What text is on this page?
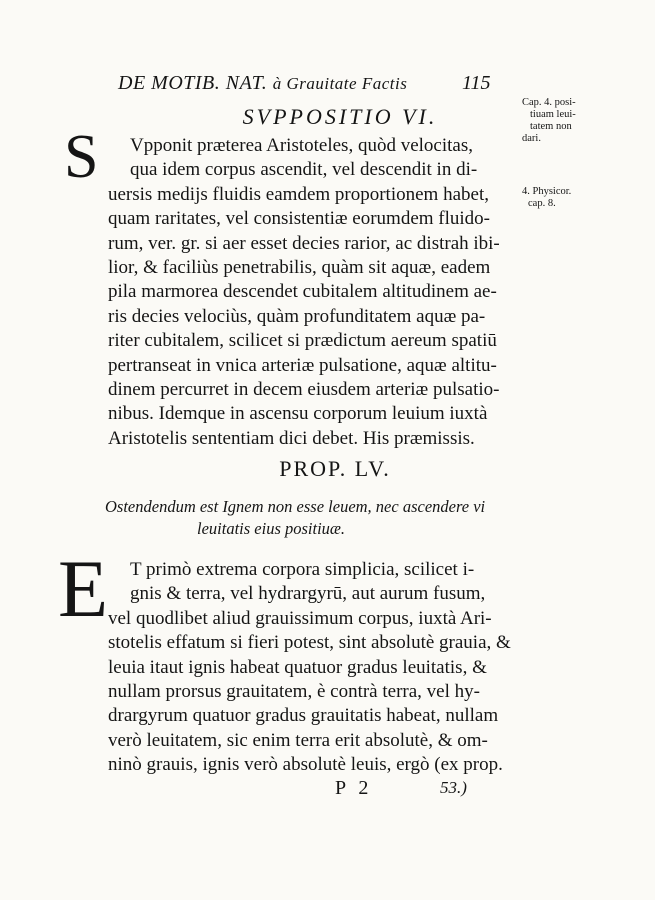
DE MOTIB. NAT. à Grauitate Factis	115
Cap. 4. posi-
tiuam leui-
tatem non
dari.
4. Physicor.
cap. 8.
SVPPOSITIO VI.
S	Vpponit præterea Aristoteles, quòd velocitas,
qua idem corpus ascendit, vel descendit in di-
uersis medijs fluidis eamdem proportionem habet,
quam raritates, vel consistentiæ eorumdem fluido-
rum, ver. gr. si aer esset decies rarior, ac distrah ibi-
lior, & faciliùs penetrabilis, quàm sit aquæ, eadem
pila marmorea descendet cubitalem altitudinem ae-
ris decies velociùs, quàm profunditatem aquæ pa-
riter cubitalem, scilicet si prædictum aereum spatiū
pertranseat in vnica arteriæ pulsatione, aquæ altitu-
dinem percurret in decem eiusdem arteriæ pulsatio-
nibus. Idemque in ascensu corporum leuium iuxtà
Aristotelis sententiam dici debet. His præmissis.
PROP. LV.
Ostendendum est Ignem non esse leuem, nec ascendere vi
leuitatis eius positiuæ.
E	T primò extrema corpora simplicia, scilicet i-
gnis & terra, vel hydrargyrū, aut aurum fusum,
vel quodlibet aliud grauissimum corpus, iuxtà Ari-
stotelis effatum si fieri potest, sint absolutè grauia, &
leuia itaut ignis habeat quatuor gradus leuitatis, &
nullam prorsus grauitatem, è contrà terra, vel hy-
drargyrum quatuor gradus grauitatis habeat, nullam
verò leuitatem, sic enim terra erit absolutè, & om-
ninò grauis, ignis verò absolutè leuis, ergò (ex prop.
P 2	53.)
